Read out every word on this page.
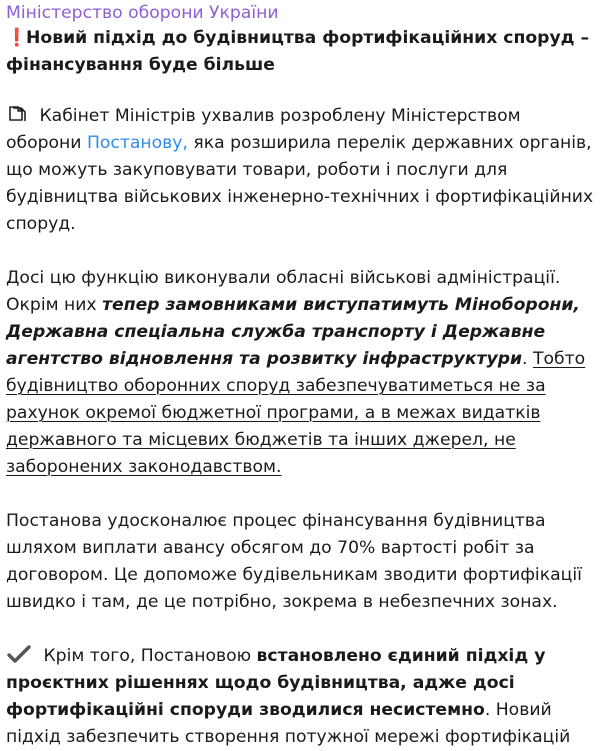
Міністерство оборони України
❗Новий підхід до будівництва фортифікаційних споруд – фінансування буде більше
Кабінет Міністрів ухвалив розроблену Міністерством оборони Постанову, яка розширила перелік державних органів, що можуть закуповувати товари, роботи і послуги для будівництва військових інженерно-технічних і фортифікаційних споруд.
Досі цю функцію виконували обласні військові адміністрації. Окрім них тепер замовниками виступатимуть Міноборони, Державна спеціальна служба транспорту і Державне агентство відновлення та розвитку інфраструктури. Тобто будівництво оборонних споруд забезпечуватиметься не за рахунок окремої бюджетної програми, а в межах видатків державного та місцевих бюджетів та інших джерел, не заборонених законодавством.
Постанова удосконалює процес фінансування будівництва шляхом виплати авансу обсягом до 70% вартості робіт за договором. Це допоможе будівельникам зводити фортифікації швидко і там, де це потрібно, зокрема в небезпечних зонах.
Крім того, Постановою встановлено єдиний підхід у проєктних рішеннях щодо будівництва, адже досі фортифікаційні споруди зводилися несистемно. Новий підхід забезпечить створення потужної мережі фортифікацій
